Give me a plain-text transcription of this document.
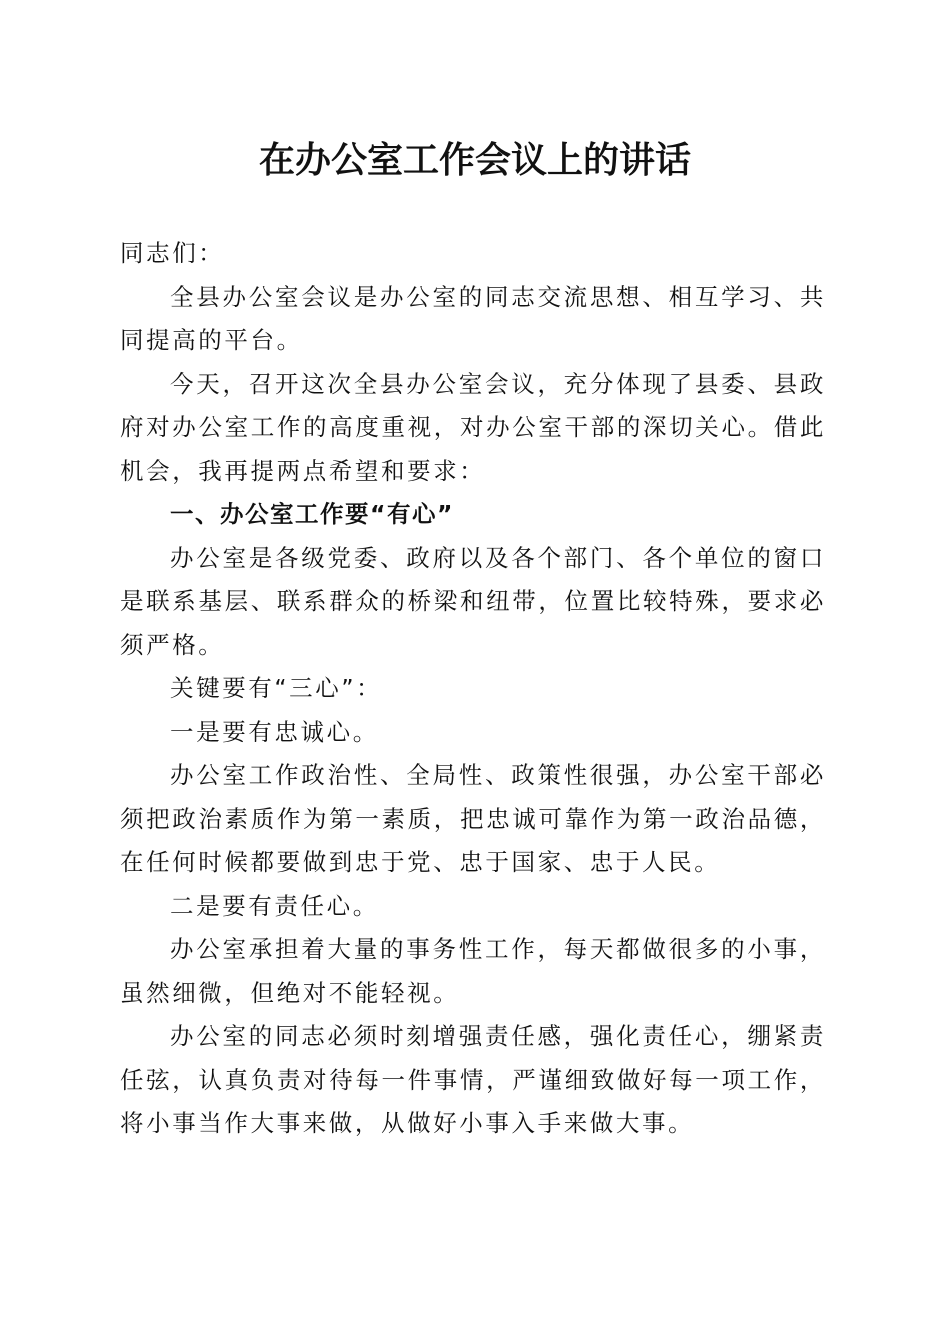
在办公室工作会议上的讲话

同志们：

全县办公室会议是办公室的同志交流思想、相互学习、共同提高的平台。

今天，召开这次全县办公室会议，充分体现了县委、县政府对办公室工作的高度重视，对办公室干部的深切关心。借此机会，我再提两点希望和要求：

一、办公室工作要“有心”

办公室是各级党委、政府以及各个部门、各个单位的窗口是联系基层、联系群众的桥梁和纽带，位置比较特殊，要求必须严格。

关键要有“三心”：

一是要有忠诚心。

办公室工作政治性、全局性、政策性很强，办公室干部必须把政治素质作为第一素质，把忠诚可靠作为第一政治品德，在任何时候都要做到忠于党、忠于国家、忠于人民。

二是要有责任心。

办公室承担着大量的事务性工作，每天都做很多的小事，虽然细微，但绝对不能轻视。

办公室的同志必须时刻增强责任感，强化责任心，绷紧责任弦，认真负责对待每一件事情，严谨细致做好每一项工作，将小事当作大事来做，从做好小事入手来做大事。
